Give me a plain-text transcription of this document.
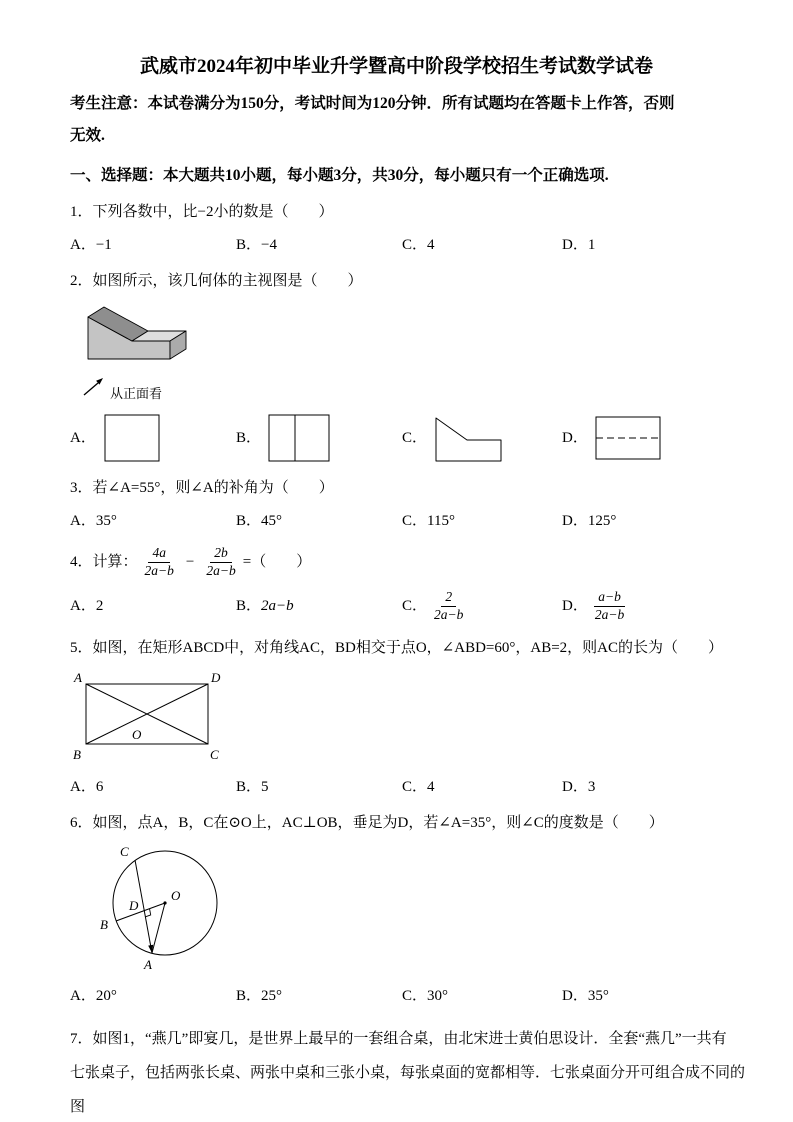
武威市2024年初中毕业升学暨高中阶段学校招生考试数学试卷

考生注意：本试卷满分为150分，考试时间为120分钟．所有试题均在答题卡上作答，否则
无效.

一、选择题：本大题共10小题，每小题3分，共30分，每小题只有一个正确选项.

1．下列各数中，比−2小的数是（　　）

A．−1	B．−4	C．4	D．1

2．如图所示，该几何体的主视图是（　　）

从正面看
A．	B．	C．	D．

3．若∠A=55°，则∠A的补角为（　　）

A．35°	B．45°	C．115°	D．125°
4．计算： $\frac{4a}{2a-b} - \frac{2b}{2a-b}$ =（　　）
A． 2	B． 2a−b	C． $\frac{2}{2a-b}$	D． $\frac{a-b}{2a-b}$

5．如图，在矩形ABCD中，对角线AC，BD相交于点O，∠ABD=60°，AB=2，则AC的长为（　　）

A	D
B	C
O
A．6	B．5	C．4	D．3

6．如图，点A，B，C在⊙O上，AC⊥OB，垂足为D，若∠A=35°，则∠C的度数是（　　）

C
B
A
O
D
A．20°	B．25°	C．30°	D．35°

7．如图1，“燕几”即宴几，是世界上最早的一套组合桌，由北宋进士黄伯思设计．全套“燕几”一共有
七张桌子，包括两张长桌、两张中桌和三张小桌，每张桌面的宽都相等．七张桌面分开可组合成不同的图
